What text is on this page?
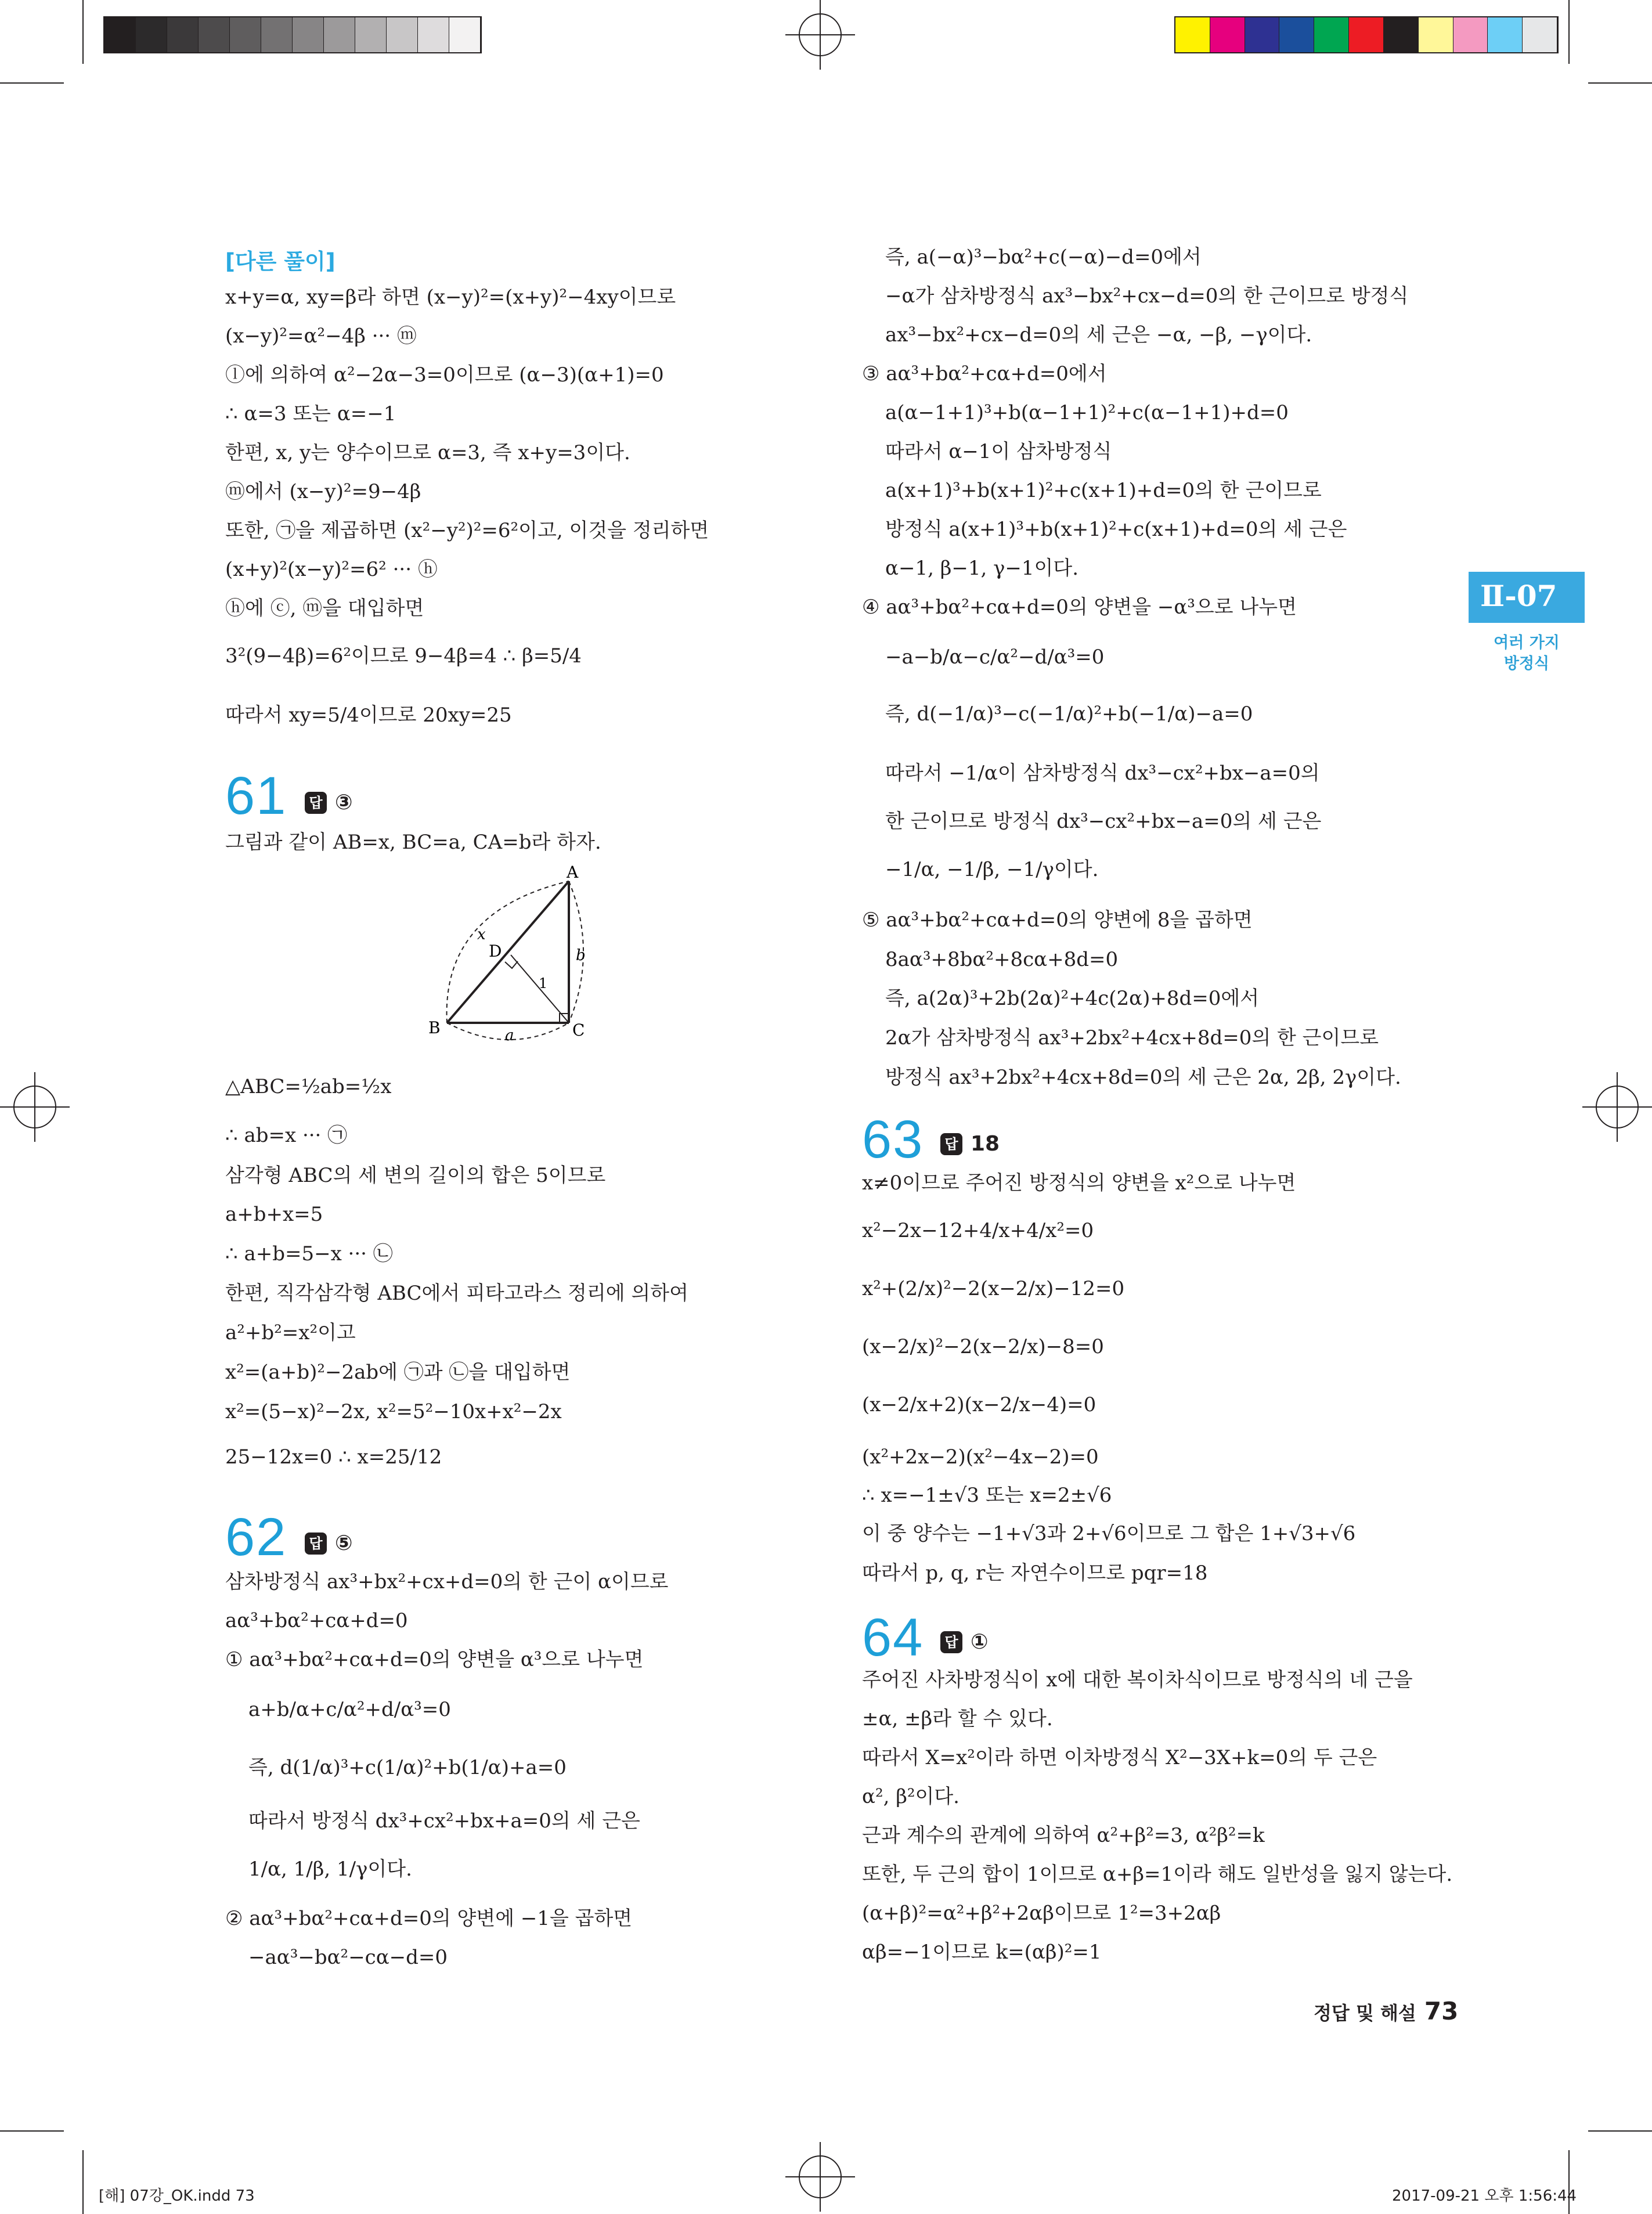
Ⅱ-07
여러 가지
방정식
[다른 풀이]
x+y=α, xy=β라 하면 (x−y)²=(x+y)²−4xy이므로
(x−y)²=α²−4β ··· ⓜ
ⓛ에 의하여 α²−2α−3=0이므로 (α−3)(α+1)=0
∴ α=3 또는 α=−1
한편, x, y는 양수이므로 α=3, 즉 x+y=3이다.
ⓜ에서 (x−y)²=9−4β
또한, ㉠을 제곱하면 (x²−y²)²=6²이고, 이것을 정리하면
(x+y)²(x−y)²=6² ··· ⓗ
ⓗ에 ⓒ, ⓜ을 대입하면
3²(9−4β)=6²이므로 9−4β=4 ∴ β=5/4
따라서 xy=5/4이므로 20xy=25
61	답 ③
그림과 같이 AB=x, BC=a, CA=b라 하자.
A
B	C
D
x
a
b
1
△ABC=½ab=½x
∴ ab=x ··· ㉠
삼각형 ABC의 세 변의 길이의 합은 5이므로
a+b+x=5
∴ a+b=5−x ··· ㉡
한편, 직각삼각형 ABC에서 피타고라스 정리에 의하여
a²+b²=x²이고
x²=(a+b)²−2ab에 ㉠과 ㉡을 대입하면
x²=(5−x)²−2x, x²=5²−10x+x²−2x
25−12x=0 ∴ x=25/12
62	답 ⑤
삼차방정식 ax³+bx²+cx+d=0의 한 근이 α이므로
aα³+bα²+cα+d=0
① aα³+bα²+cα+d=0의 양변을 α³으로 나누면
a+b/α+c/α²+d/α³=0
즉, d(1/α)³+c(1/α)²+b(1/α)+a=0
따라서 방정식 dx³+cx²+bx+a=0의 세 근은
1/α, 1/β, 1/γ이다.
② aα³+bα²+cα+d=0의 양변에 −1을 곱하면
−aα³−bα²−cα−d=0
즉, a(−α)³−bα²+c(−α)−d=0에서
−α가 삼차방정식 ax³−bx²+cx−d=0의 한 근이므로 방정식
ax³−bx²+cx−d=0의 세 근은 −α, −β, −γ이다.
③ aα³+bα²+cα+d=0에서
a(α−1+1)³+b(α−1+1)²+c(α−1+1)+d=0
따라서 α−1이 삼차방정식
a(x+1)³+b(x+1)²+c(x+1)+d=0의 한 근이므로
방정식 a(x+1)³+b(x+1)²+c(x+1)+d=0의 세 근은
α−1, β−1, γ−1이다.
④ aα³+bα²+cα+d=0의 양변을 −α³으로 나누면
−a−b/α−c/α²−d/α³=0
즉, d(−1/α)³−c(−1/α)²+b(−1/α)−a=0
따라서 −1/α이 삼차방정식 dx³−cx²+bx−a=0의
한 근이므로 방정식 dx³−cx²+bx−a=0의 세 근은
−1/α, −1/β, −1/γ이다.
⑤ aα³+bα²+cα+d=0의 양변에 8을 곱하면
8aα³+8bα²+8cα+8d=0
즉, a(2α)³+2b(2α)²+4c(2α)+8d=0에서
2α가 삼차방정식 ax³+2bx²+4cx+8d=0의 한 근이므로
방정식 ax³+2bx²+4cx+8d=0의 세 근은 2α, 2β, 2γ이다.
63	답 18
x≠0이므로 주어진 방정식의 양변을 x²으로 나누면
x²−2x−12+4/x+4/x²=0
x²+(2/x)²−2(x−2/x)−12=0
(x−2/x)²−2(x−2/x)−8=0
(x−2/x+2)(x−2/x−4)=0
(x²+2x−2)(x²−4x−2)=0
∴ x=−1±√3 또는 x=2±√6
이 중 양수는 −1+√3과 2+√6이므로 그 합은 1+√3+√6
따라서 p, q, r는 자연수이므로 pqr=18
64	답 ①
주어진 사차방정식이 x에 대한 복이차식이므로 방정식의 네 근을
±α, ±β라 할 수 있다.
따라서 X=x²이라 하면 이차방정식 X²−3X+k=0의 두 근은
α², β²이다.
근과 계수의 관계에 의하여 α²+β²=3, α²β²=k
또한, 두 근의 합이 1이므로 α+β=1이라 해도 일반성을 잃지 않는다.
(α+β)²=α²+β²+2αβ이므로 1²=3+2αβ
αβ=−1이므로 k=(αβ)²=1
정답 및 해설 73
[해] 07강_OK.indd 73	2017-09-21 오후 1:56:44
